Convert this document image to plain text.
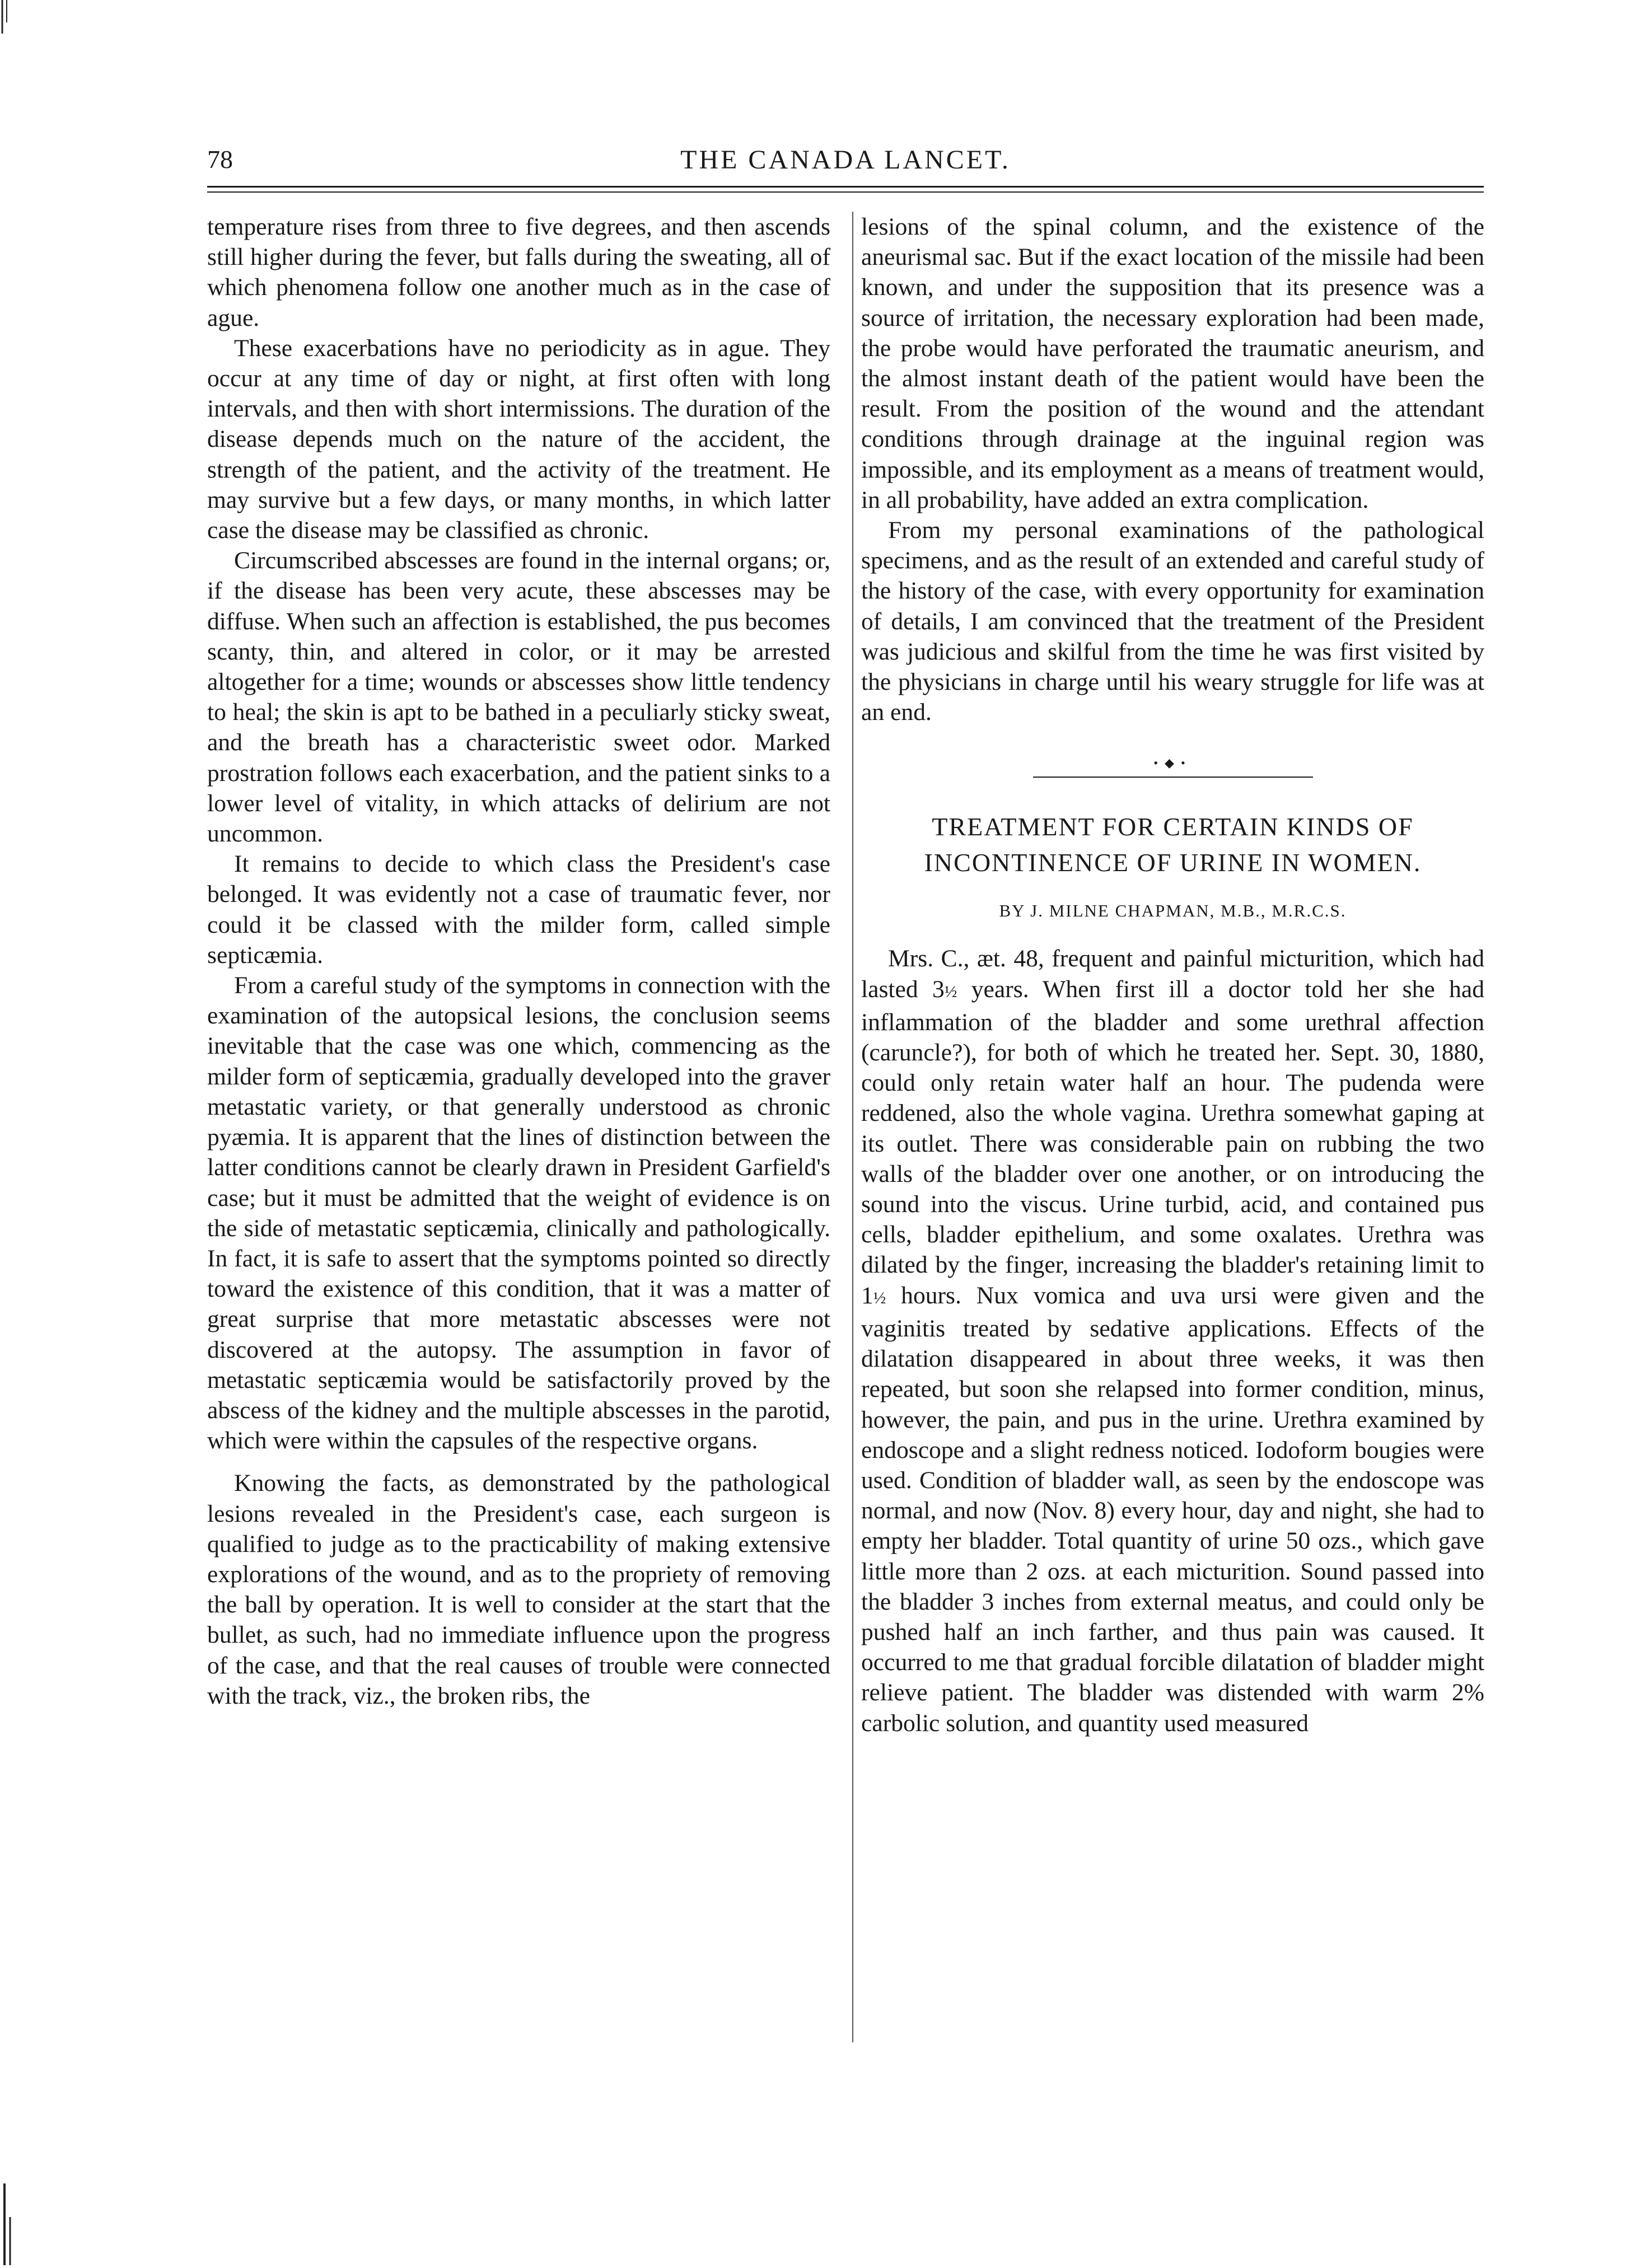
78	THE CANADA LANCET.

temperature rises from three to five degrees, and then ascends still higher during the fever, but falls during the sweating, all of which phenomena follow one another much as in the case of ague.

These exacerbations have no periodicity as in ague. They occur at any time of day or night, at first often with long intervals, and then with short intermissions. The duration of the disease depends much on the nature of the accident, the strength of the patient, and the activity of the treatment. He may survive but a few days, or many months, in which latter case the disease may be classified as chronic.

Circumscribed abscesses are found in the internal organs; or, if the disease has been very acute, these abscesses may be diffuse. When such an affection is established, the pus becomes scanty, thin, and altered in color, or it may be arrested altogether for a time; wounds or abscesses show little tendency to heal; the skin is apt to be bathed in a peculiarly sticky sweat, and the breath has a characteristic sweet odor. Marked prostration follows each exacerbation, and the patient sinks to a lower level of vitality, in which attacks of delirium are not uncommon.

It remains to decide to which class the President's case belonged. It was evidently not a case of traumatic fever, nor could it be classed with the milder form, called simple septicæmia.

From a careful study of the symptoms in connection with the examination of the autopsical lesions, the conclusion seems inevitable that the case was one which, commencing as the milder form of septicæmia, gradually developed into the graver metastatic variety, or that generally understood as chronic pyæmia. It is apparent that the lines of distinction between the latter conditions cannot be clearly drawn in President Garfield's case; but it must be admitted that the weight of evidence is on the side of metastatic septicæmia, clinically and pathologically. In fact, it is safe to assert that the symptoms pointed so directly toward the existence of this condition, that it was a matter of great surprise that more metastatic abscesses were not discovered at the autopsy. The assumption in favor of metastatic septicæmia would be satisfactorily proved by the abscess of the kidney and the multiple abscesses in the parotid, which were within the capsules of the respective organs.

Knowing the facts, as demonstrated by the pathological lesions revealed in the President's case, each surgeon is qualified to judge as to the practicability of making extensive explorations of the wound, and as to the propriety of removing the ball by operation. It is well to consider at the start that the bullet, as such, had no immediate influence upon the progress of the case, and that the real causes of trouble were connected with the track, viz., the broken ribs, the

lesions of the spinal column, and the existence of the aneurismal sac. But if the exact location of the missile had been known, and under the supposition that its presence was a source of irritation, the necessary exploration had been made, the probe would have perforated the traumatic aneurism, and the almost instant death of the patient would have been the result. From the position of the wound and the attendant conditions through drainage at the inguinal region was impossible, and its employment as a means of treatment would, in all probability, have added an extra complication.

From my personal examinations of the pathological specimens, and as the result of an extended and careful study of the history of the case, with every opportunity for examination of details, I am convinced that the treatment of the President was judicious and skilful from the time he was first visited by the physicians in charge until his weary struggle for life was at an end.

•◆•
TREATMENT FOR CERTAIN KINDS OF
INCONTINENCE OF URINE IN WOMEN.
BY J. MILNE CHAPMAN, M.B., M.R.C.S.

Mrs. C., æt. 48, frequent and painful micturition, which had lasted 3½ years. When first ill a doctor told her she had inflammation of the bladder and some urethral affection (caruncle?), for both of which he treated her. Sept. 30, 1880, could only retain water half an hour. The pudenda were reddened, also the whole vagina. Urethra somewhat gaping at its outlet. There was considerable pain on rubbing the two walls of the bladder over one another, or on introducing the sound into the viscus. Urine turbid, acid, and contained pus cells, bladder epithelium, and some oxalates. Urethra was dilated by the finger, increasing the bladder's retaining limit to 1½ hours. Nux vomica and uva ursi were given and the vaginitis treated by sedative applications. Effects of the dilatation disappeared in about three weeks, it was then repeated, but soon she relapsed into former condition, minus, however, the pain, and pus in the urine. Urethra examined by endoscope and a slight redness noticed. Iodoform bougies were used. Condition of bladder wall, as seen by the endoscope was normal, and now (Nov. 8) every hour, day and night, she had to empty her bladder. Total quantity of urine 50 ozs., which gave little more than 2 ozs. at each micturition. Sound passed into the bladder 3 inches from external meatus, and could only be pushed half an inch farther, and thus pain was caused. It occurred to me that gradual forcible dilatation of bladder might relieve patient. The bladder was distended with warm 2% carbolic solution, and quantity used measured
